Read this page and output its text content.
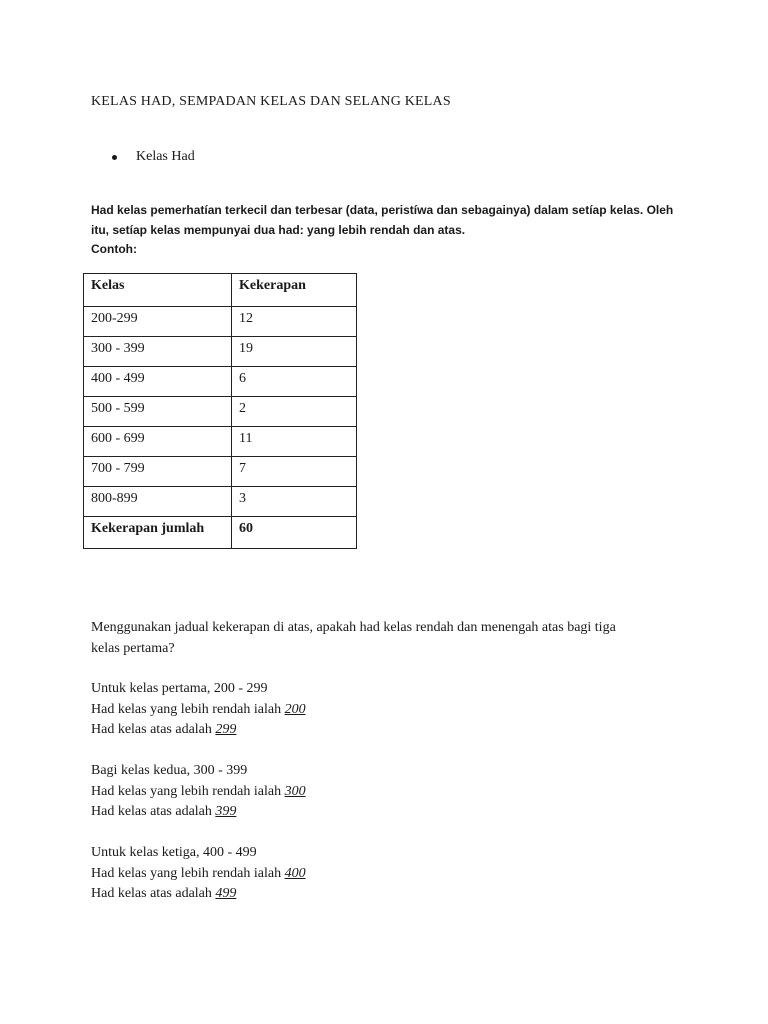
KELAS HAD, SEMPADAN KELAS DAN SELANG KELAS
Kelas Had
Had kelas pemerhatían terkecil dan terbesar (data, peristíwa dan sebagainya) dalam setíap kelas. Oleh
itu, setíap kelas mempunyai dua had: yang lebih rendah dan atas.
Contoh:
Kelas	Kekerapan
200-299	12
300 - 399	19
400 - 499	6
500 - 599	2
600 - 699	11
700 - 799	7
800-899	3
Kekerapan jumlah	60
Menggunakan jadual kekerapan di atas, apakah had kelas rendah dan menengah atas bagi tiga
kelas pertama?
Untuk kelas pertama, 200 - 299
Had kelas yang lebih rendah ialah 200
Had kelas atas adalah 299
Bagi kelas kedua, 300 - 399
Had kelas yang lebih rendah ialah 300
Had kelas atas adalah 399
Untuk kelas ketiga, 400 - 499
Had kelas yang lebih rendah ialah 400
Had kelas atas adalah 499
